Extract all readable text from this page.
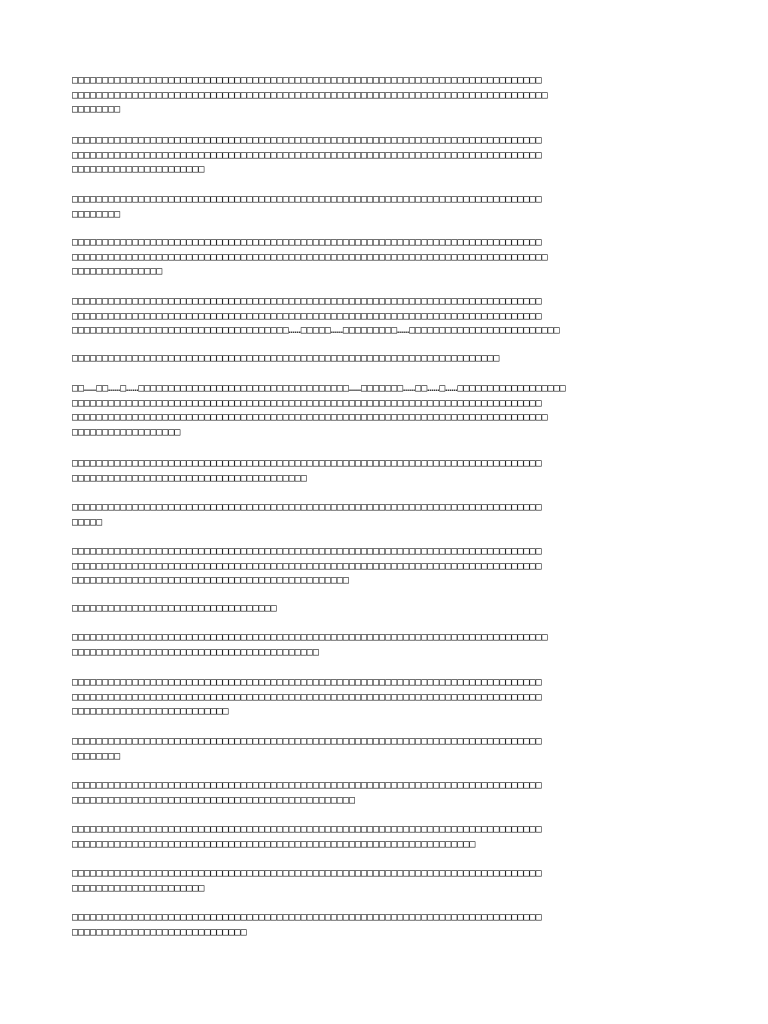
□□□□□□□□□□□□□□□□□□□□□□□□□□□□□□□□□□□□□□□□□□□□□□□□□□□□□□□□□□□□□□□□□□□□□□□□□□□□□□
□□□□□□□□□□□□□□□□□□□□□□□□□□□□□□□□□□□□□□□□□□□□□□□□□□□□□□□□□□□□□□□□□□□□□□□□□□□□□□□
□□□□□□□□

□□□□□□□□□□□□□□□□□□□□□□□□□□□□□□□□□□□□□□□□□□□□□□□□□□□□□□□□□□□□□□□□□□□□□□□□□□□□□□
□□□□□□□□□□□□□□□□□□□□□□□□□□□□□□□□□□□□□□□□□□□□□□□□□□□□□□□□□□□□□□□□□□□□□□□□□□□□□□
□□□□□□□□□□□□□□□□□□□□□□

□□□□□□□□□□□□□□□□□□□□□□□□□□□□□□□□□□□□□□□□□□□□□□□□□□□□□□□□□□□□□□□□□□□□□□□□□□□□□□
□□□□□□□□

□□□□□□□□□□□□□□□□□□□□□□□□□□□□□□□□□□□□□□□□□□□□□□□□□□□□□□□□□□□□□□□□□□□□□□□□□□□□□□
□□□□□□□□□□□□□□□□□□□□□□□□□□□□□□□□□□□□□□□□□□□□□□□□□□□□□□□□□□□□□□□□□□□□□□□□□□□□□□□
□□□□□□□□□□□□□□□

□□□□□□□□□□□□□□□□□□□□□□□□□□□□□□□□□□□□□□□□□□□□□□□□□□□□□□□□□□□□□□□□□□□□□□□□□□□□□□
□□□□□□□□□□□□□□□□□□□□□□□□□□□□□□□□□□□□□□□□□□□□□□□□□□□□□□□□□□□□□□□□□□□□□□□□□□□□□□
□□□□□□□□□□□□□□□□□□□□□□□□□□□□□□□□□□□□……□□□□□……□□□□□□□□□……□□□□□□□□□□□□□□□□□□□□□□□□□

□□□□□□□□□□□□□□□□□□□□□□□□□□□□□□□□□□□□□□□□□□□□□□□□□□□□□□□□□□□□□□□□□□□□□□□

□□……□□……□……□□□□□□□□□□□□□□□□□□□□□□□□□□□□□□□□□□□……□□□□□□□……□□……□……□□□□□□□□□□□□□□□□□□
□□□□□□□□□□□□□□□□□□□□□□□□□□□□□□□□□□□□□□□□□□□□□□□□□□□□□□□□□□□□□□□□□□□□□□□□□□□□□□
□□□□□□□□□□□□□□□□□□□□□□□□□□□□□□□□□□□□□□□□□□□□□□□□□□□□□□□□□□□□□□□□□□□□□□□□□□□□□□□
□□□□□□□□□□□□□□□□□□

□□□□□□□□□□□□□□□□□□□□□□□□□□□□□□□□□□□□□□□□□□□□□□□□□□□□□□□□□□□□□□□□□□□□□□□□□□□□□□
□□□□□□□□□□□□□□□□□□□□□□□□□□□□□□□□□□□□□□□

□□□□□□□□□□□□□□□□□□□□□□□□□□□□□□□□□□□□□□□□□□□□□□□□□□□□□□□□□□□□□□□□□□□□□□□□□□□□□□
□□□□□

□□□□□□□□□□□□□□□□□□□□□□□□□□□□□□□□□□□□□□□□□□□□□□□□□□□□□□□□□□□□□□□□□□□□□□□□□□□□□□
□□□□□□□□□□□□□□□□□□□□□□□□□□□□□□□□□□□□□□□□□□□□□□□□□□□□□□□□□□□□□□□□□□□□□□□□□□□□□□
□□□□□□□□□□□□□□□□□□□□□□□□□□□□□□□□□□□□□□□□□□□□□□

□□□□□□□□□□□□□□□□□□□□□□□□□□□□□□□□□□

□□□□□□□□□□□□□□□□□□□□□□□□□□□□□□□□□□□□□□□□□□□□□□□□□□□□□□□□□□□□□□□□□□□□□□□□□□□□□□□
□□□□□□□□□□□□□□□□□□□□□□□□□□□□□□□□□□□□□□□□□

□□□□□□□□□□□□□□□□□□□□□□□□□□□□□□□□□□□□□□□□□□□□□□□□□□□□□□□□□□□□□□□□□□□□□□□□□□□□□□
□□□□□□□□□□□□□□□□□□□□□□□□□□□□□□□□□□□□□□□□□□□□□□□□□□□□□□□□□□□□□□□□□□□□□□□□□□□□□□
□□□□□□□□□□□□□□□□□□□□□□□□□□

□□□□□□□□□□□□□□□□□□□□□□□□□□□□□□□□□□□□□□□□□□□□□□□□□□□□□□□□□□□□□□□□□□□□□□□□□□□□□□
□□□□□□□□

□□□□□□□□□□□□□□□□□□□□□□□□□□□□□□□□□□□□□□□□□□□□□□□□□□□□□□□□□□□□□□□□□□□□□□□□□□□□□□
□□□□□□□□□□□□□□□□□□□□□□□□□□□□□□□□□□□□□□□□□□□□□□□

□□□□□□□□□□□□□□□□□□□□□□□□□□□□□□□□□□□□□□□□□□□□□□□□□□□□□□□□□□□□□□□□□□□□□□□□□□□□□□
□□□□□□□□□□□□□□□□□□□□□□□□□□□□□□□□□□□□□□□□□□□□□□□□□□□□□□□□□□□□□□□□□□□

□□□□□□□□□□□□□□□□□□□□□□□□□□□□□□□□□□□□□□□□□□□□□□□□□□□□□□□□□□□□□□□□□□□□□□□□□□□□□□
□□□□□□□□□□□□□□□□□□□□□□

□□□□□□□□□□□□□□□□□□□□□□□□□□□□□□□□□□□□□□□□□□□□□□□□□□□□□□□□□□□□□□□□□□□□□□□□□□□□□□
□□□□□□□□□□□□□□□□□□□□□□□□□□□□□
